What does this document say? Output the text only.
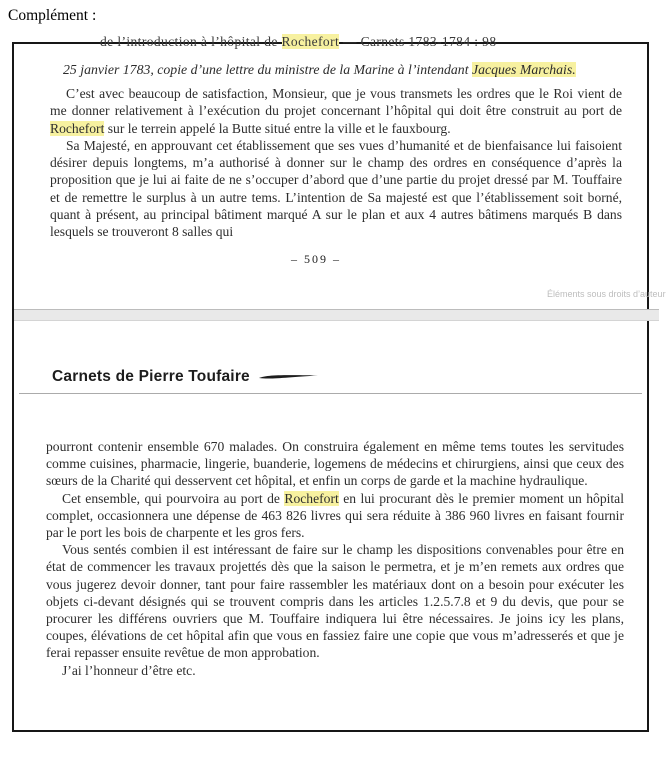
Complément :
de l’introduction à l’hôpital de Rochefort — Carnets 1783-1784 : 98

25 janvier 1783, copie d’une lettre du ministre de la Marine à l’intendant Jacques Marchais.

C’est avec beaucoup de satisfaction, Monsieur, que je vous transmets les ordres que le Roi vient de me donner relativement à l’exécution du projet concernant l’hôpital qui doit être construit au port de Rochefort sur le terrein appelé la Butte situé entre la ville et le fauxbourg.

Sa Majesté, en approuvant cet établissement que ses vues d’humanité et de bienfaisance lui faisoient désirer depuis longtems, m’a authorisé à donner sur le champ des ordres en conséquence d’après la proposition que je lui ai faite de ne s’occuper d’abord que d’une partie du projet dressé par M. Touffaire et de remettre le surplus à un autre tems. L’intention de Sa majesté est que l’établissement soit borné, quant à présent, au principal bâtiment marqué A sur le plan et aux 4 autres bâtimens marqués B dans lesquels se trouveront 8 salles qui

– 509 –
Carnets de Pierre Toufaire

pourront contenir ensemble 670 malades. On construira également en même tems toutes les servitudes comme cuisines, pharmacie, lingerie, buanderie, logemens de médecins et chirurgiens, ainsi que ceux des sœurs de la Charité qui desservent cet hôpital, et enfin un corps de garde et la machine hydraulique.

Cet ensemble, qui pourvoira au port de Rochefort en lui procurant dès le premier moment un hôpital complet, occasionnera une dépense de 463 826 livres qui sera réduite à 386 960 livres en faisant fournir par le port les bois de charpente et les gros fers.

Vous sentés combien il est intéressant de faire sur le champ les dispositions convenables pour être en état de commencer les travaux projettés dès que la saison le permetra, et je m’en remets aux ordres que vous jugerez devoir donner, tant pour faire rassembler les matériaux dont on a besoin pour exécuter les objets ci-devant désignés qui se trouvent compris dans les articles 1.2.5.7.8 et 9 du devis, que pour se procurer les différens ouvriers que M. Touffaire indiquera lui être nécessaires. Je joins icy les plans, coupes, élévations de cet hôpital afin que vous en fassiez faire une copie que vous m’adresserés et que je ferai repasser ensuite revêtue de mon approbation.

J’ai l’honneur d’être etc.

Éléments sous droits d’auteur
